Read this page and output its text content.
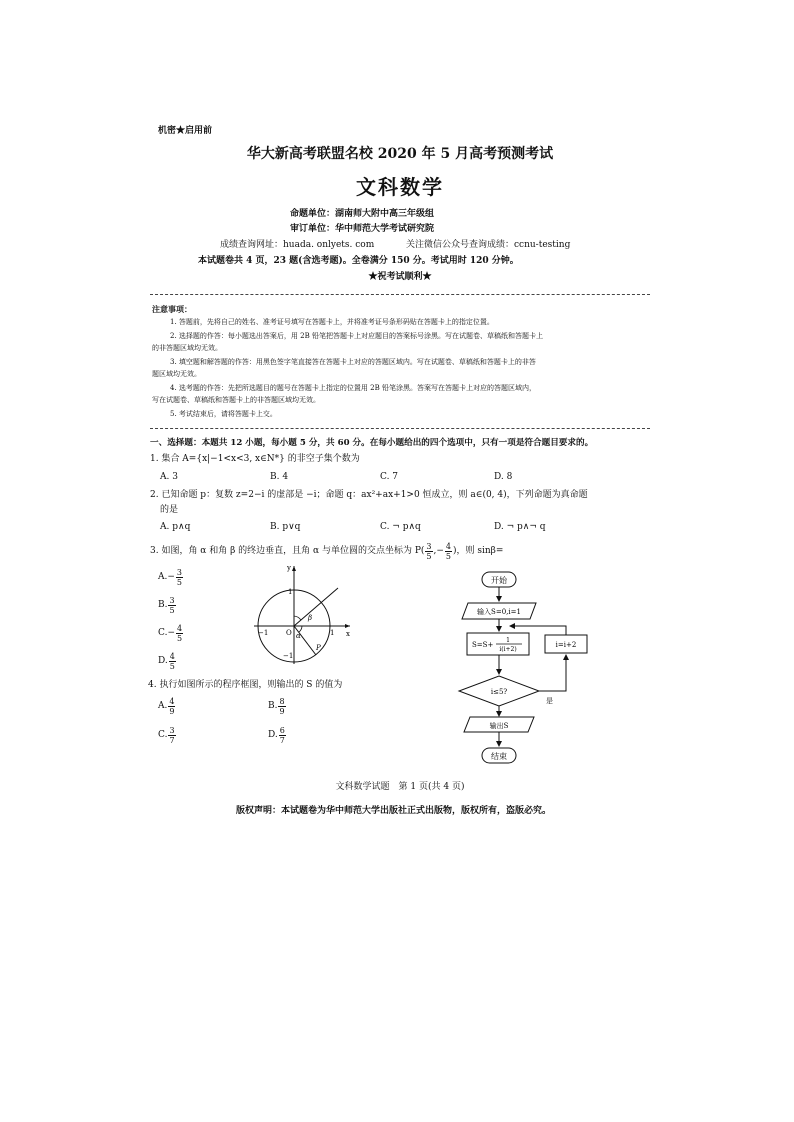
机密★启用前
华大新高考联盟名校 2020 年 5 月高考预测考试
文科数学
命题单位：湖南师大附中高三年级组
审订单位：华中师范大学考试研究院
成绩查询网址：huada. onlyets. com	关注微信公众号查询成绩：ccnu-testing
本试题卷共 4 页，23 题(含选考题)。全卷满分 150 分。考试用时 120 分钟。
★祝考试顺利★
注意事项：
1. 答题前，先将自己的姓名、准考证号填写在答题卡上，并将准考证号条形码贴在答题卡上的指定位置。
2. 选择题的作答：每小题选出答案后，用 2B 铅笔把答题卡上对应题目的答案标号涂黑。写在试题卷、草稿纸和答题卡上
的非答题区域均无效。
3. 填空题和解答题的作答：用黑色签字笔直接答在答题卡上对应的答题区域内。写在试题卷、草稿纸和答题卡上的非答
题区域均无效。
4. 选考题的作答：先把所选题目的题号在答题卡上指定的位置用 2B 铅笔涂黑。答案写在答题卡上对应的答题区域内，
写在试题卷、草稿纸和答题卡上的非答题区域均无效。
5. 考试结束后，请将答题卡上交。
一、选择题：本题共 12 小题，每小题 5 分，共 60 分。在每小题给出的四个选项中，只有一项是符合题目要求的。
1. 集合 A={x|−1<x<3, x∈N*} 的非空子集个数为
A. 3	B. 4	C. 7	D. 8
2. 已知命题 p：复数 z=2−i 的虚部是 −i；命题 q：ax²+ax+1>0 恒成立，则 a∈(0, 4)，下列命题为真命题
的是
A. p∧q	B. p∨q	C. ¬ p∧q	D. ¬ p∧¬ q
3. 如图，角 α 和角 β 的终边垂直，且角 α 与单位圆的交点坐标为 $P( \frac{3}{5}$ , − $\frac{4}{5}$ )，则 sinβ=
A. − $\frac{3}{5}$
B. $\frac{3}{5}$
C. − $\frac{4}{5}$
D. $\frac{4}{5}$
y
x
1
−1	O	1
−1
α
β
P
4. 执行如图所示的程序框图，则输出的 S 的值为
A. $\frac{4}{9}$	B. $\frac{8}{9}$
C. $\frac{3}{7}$	D. $\frac{6}{7}$
开始
输入S=0,i=1
S=S+
1
i(i+2)
i=i+2
i≤5?
是
输出S
结束
文科数学试题　第 1 页(共 4 页)
版权声明：本试题卷为华中师范大学出版社正式出版物，版权所有，盗版必究。
